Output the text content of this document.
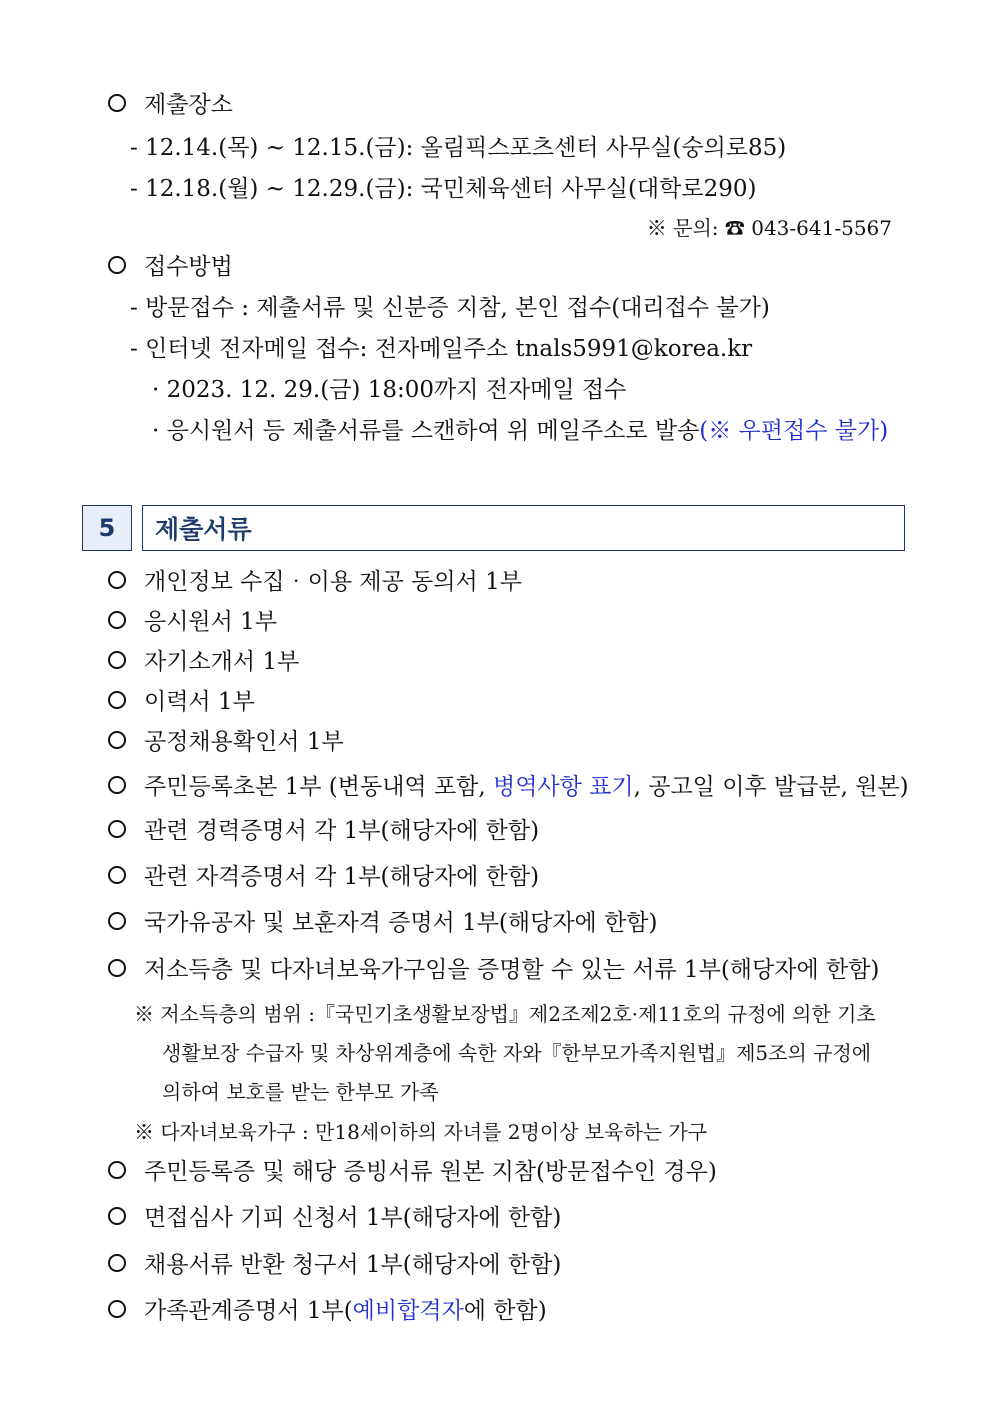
제출장소
- 12.14.(목) ~ 12.15.(금): 올림픽스포츠센터 사무실(숭의로85)
- 12.18.(월) ~ 12.29.(금): 국민체육센터 사무실(대학로290)
※ 문의: ☎ 043-641-5567
접수방법
- 방문접수 : 제출서류 및 신분증 지참, 본인 접수(대리접수 불가)
- 인터넷 전자메일 접수: 전자메일주소 tnals5991@korea.kr
· 2023. 12. 29.(금) 18:00까지 전자메일 접수
· 응시원서 등 제출서류를 스캔하여 위 메일주소로 발송(※ 우편접수 불가)
5	제출서류
개인정보 수집‧이용 제공 동의서 1부
응시원서 1부
자기소개서 1부
이력서 1부
공정채용확인서 1부
주민등록초본 1부 (변동내역 포함, 병역사항 표기, 공고일 이후 발급분, 원본)
관련 경력증명서 각 1부(해당자에 한함)
관련 자격증명서 각 1부(해당자에 한함)
국가유공자 및 보훈자격 증명서 1부(해당자에 한함)
저소득층 및 다자녀보육가구임을 증명할 수 있는 서류 1부(해당자에 한함)
※ 저소득층의 범위 :『국민기초생활보장법』제2조제2호·제11호의 규정에 의한 기초
생활보장 수급자 및 차상위계층에 속한 자와『한부모가족지원법』제5조의 규정에
의하여 보호를 받는 한부모 가족
※ 다자녀보육가구 : 만18세이하의 자녀를 2명이상 보육하는 가구
주민등록증 및 해당 증빙서류 원본 지참(방문접수인 경우)
면접심사 기피 신청서 1부(해당자에 한함)
채용서류 반환 청구서 1부(해당자에 한함)
가족관계증명서 1부(예비합격자에 한함)
